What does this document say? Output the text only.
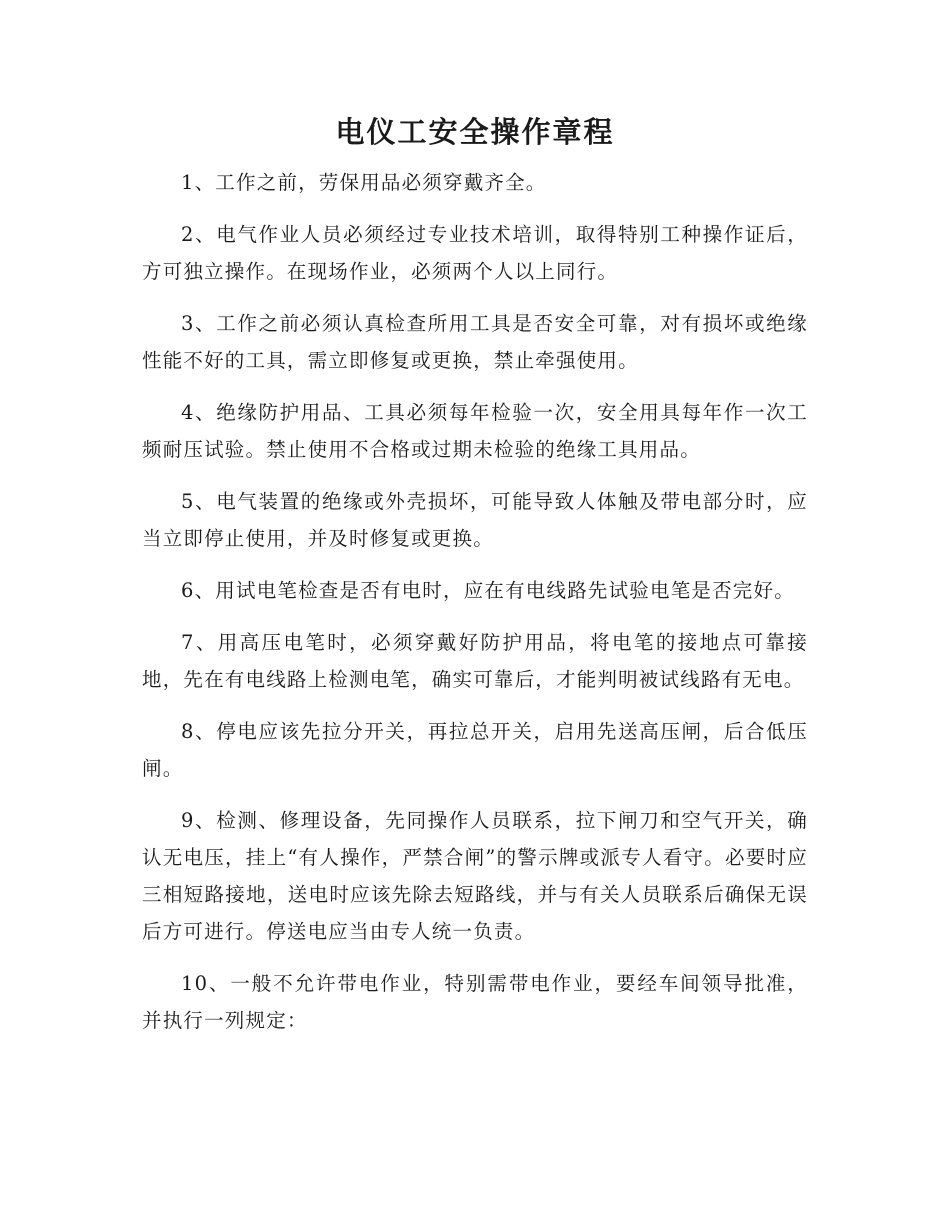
电仪工安全操作章程

1、工作之前，劳保用品必须穿戴齐全。

2、电气作业人员必须经过专业技术培训，取得特别工种操作证后，方可独立操作。在现场作业，必须两个人以上同行。

3、工作之前必须认真检查所用工具是否安全可靠，对有损坏或绝缘性能不好的工具，需立即修复或更换，禁止牵强使用。

4、绝缘防护用品、工具必须每年检验一次，安全用具每年作一次工频耐压试验。禁止使用不合格或过期未检验的绝缘工具用品。

5、电气装置的绝缘或外壳损坏，可能导致人体触及带电部分时，应当立即停止使用，并及时修复或更换。

6、用试电笔检查是否有电时，应在有电线路先试验电笔是否完好。

7、用高压电笔时，必须穿戴好防护用品，将电笔的接地点可靠接地，先在有电线路上检测电笔，确实可靠后，才能判明被试线路有无电。

8、停电应该先拉分开关，再拉总开关，启用先送高压闸，后合低压闸。

9、检测、修理设备，先同操作人员联系，拉下闸刀和空气开关，确认无电压，挂上“有人操作，严禁合闸”的警示牌或派专人看守。必要时应三相短路接地，送电时应该先除去短路线，并与有关人员联系后确保无误后方可进行。停送电应当由专人统一负责。

10、一般不允许带电作业，特别需带电作业，要经车间领导批准，并执行一列规定：
